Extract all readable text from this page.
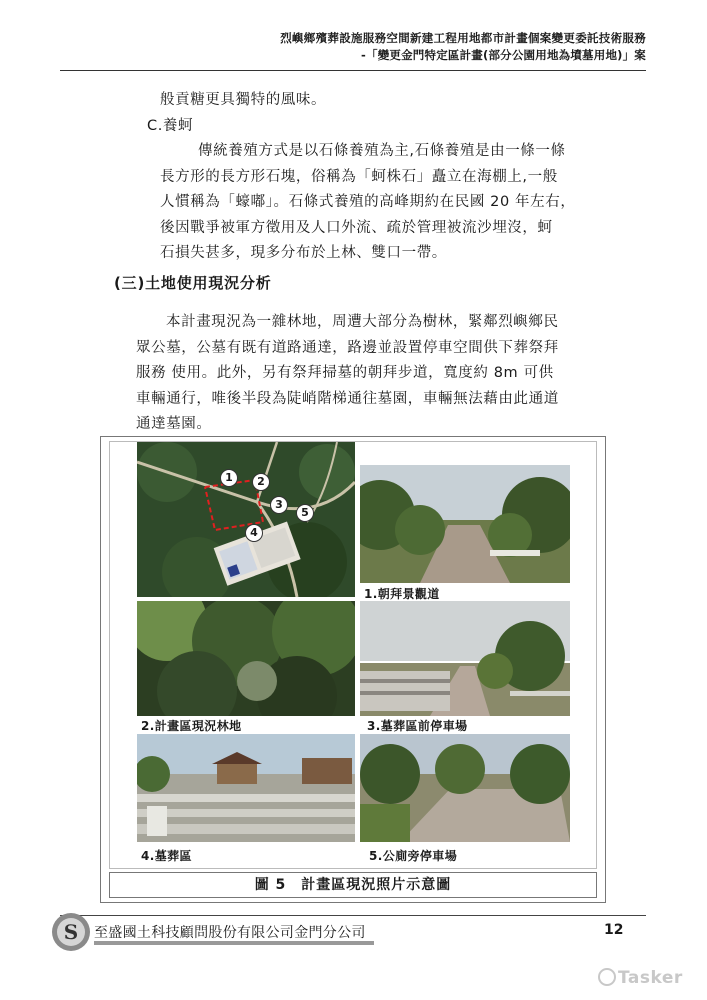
烈嶼鄉殯葬設施服務空間新建工程用地都市計畫個案變更委託技術服務
-「變更金門特定區計畫(部分公園用地為墳墓用地)」案
般貢糖更具獨特的風味。
C.養蚵
傳統養殖方式是以石條養殖為主,石條養殖是由一條一條
長方形的長方形石塊，俗稱為「蚵株石」矗立在海棚上,一般
人慣稱為「蠔嘟」。石條式養殖的高峰期約在民國 20 年左右，
後因戰爭被軍方徵用及人口外流、疏於管理被流沙埋沒，蚵
石損失甚多，現多分布於上林、雙口一帶。
(三)土地使用現況分析
本計畫現況為一雜林地，周遭大部分為樹林，緊鄰烈嶼鄉民
眾公墓，公墓有既有道路通達，路邊並設置停車空間供下葬祭拜
服務 使用。此外，另有祭拜掃墓的朝拜步道，寬度約 8m 可供
車輛通行，唯後半段為陡峭階梯通往墓園，車輛無法藉由此通道
通達墓園。
1	2
3
4
5
1.朝拜景觀道
2.計畫區現況林地	3.墓葬區前停車場
4.墓葬區	5.公廁旁停車場
圖 5　計畫區現況照片示意圖
S 至盛國土科技顧問股份有限公司金門分公司	12
Tasker
